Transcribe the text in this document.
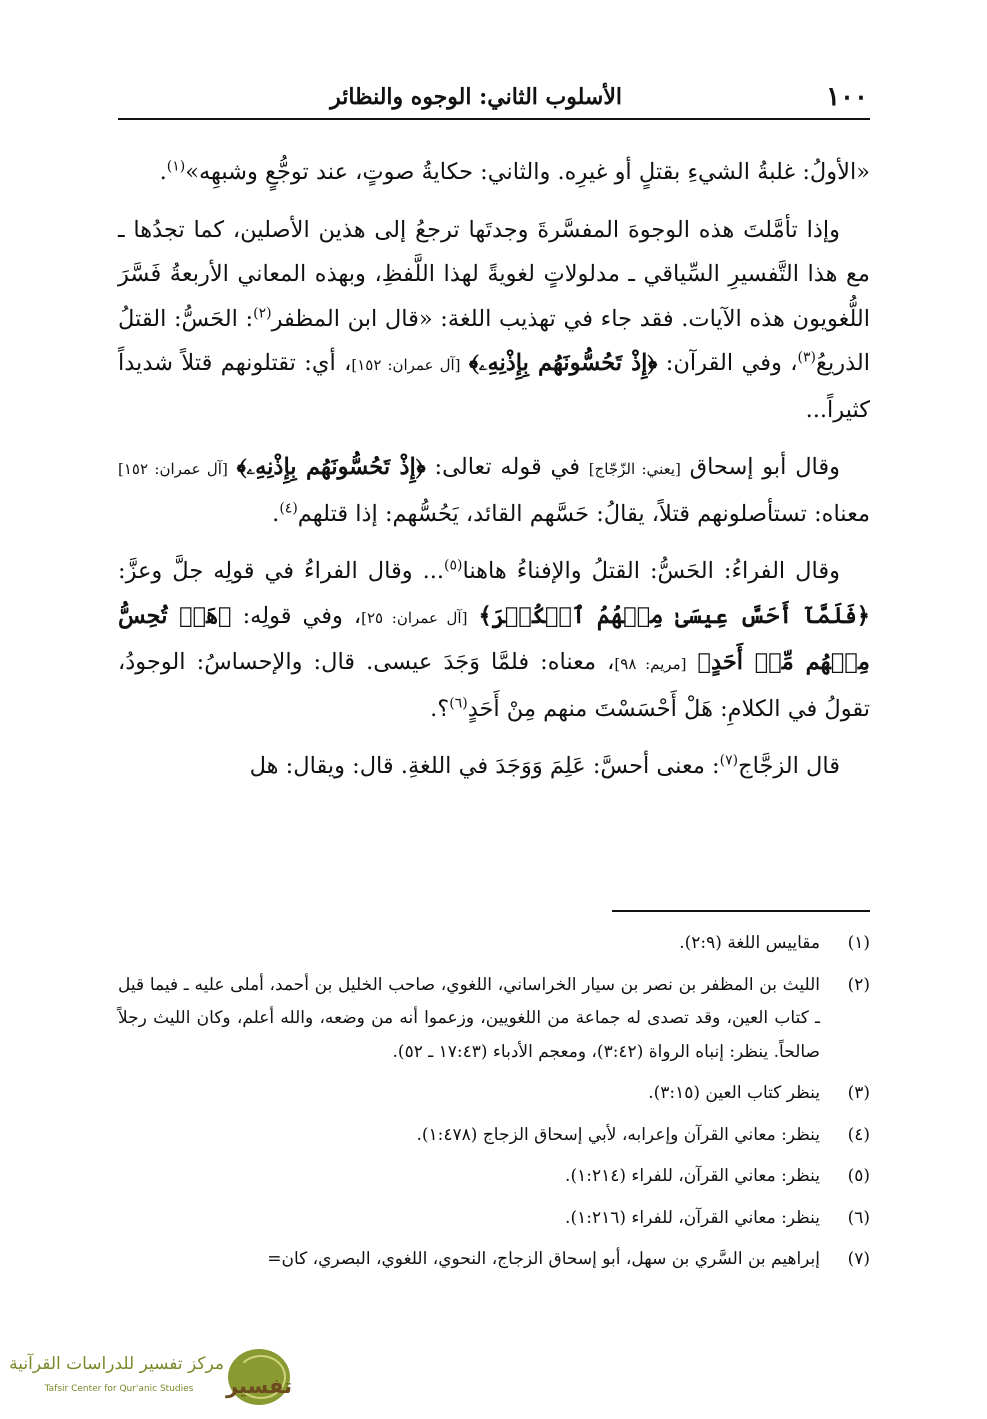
١٠٠
الأسلوب الثاني: الوجوه والنظائر

«الأولُ: غلبةُ الشيءِ بقتلٍ أو غيرِه. والثاني: حكايةُ صوتٍ، عند توجُّعٍ وشبهِه»$^{(١)}$.

وإذا تأمَّلتَ هذه الوجوهَ المفسَّرةَ وجدتَها ترجعُ إلى هذين الأصلين، كما تجدُها ـ مع هذا التَّفسيرِ السِّياقي ـ مدلولاتٍ لغويةً لهذا اللَّفظِ، وبهذه المعاني الأربعةُ فَسَّرَ اللُّغويون هذه الآيات. فقد جاء في تهذيب اللغة: «قال ابن المظفر$^{(٢)}$: الحَسُّ: القتلُ الذريعُ$^{(٣)}$، وفي القرآن: ﴿إِذْ تَحُسُّونَهُم بِإِذْنِهِۦ﴾ [آل عمران: ١٥٢]، أي: تقتلونهم قتلاً شديداً كثيراً...

وقال أبو إسحاق [يعني: الزّجّاج] في قوله تعالى: ﴿إِذْ تَحُسُّونَهُم بِإِذْنِهِۦ﴾ [آل عمران: ١٥٢] معناه: تستأصلونهم قتلاً، يقالُ: حَسَّهم القائد، يَحُسُّهم: إذا قتلهم$^{(٤)}$.

وقال الفراءُ: الحَسُّ: القتلُ والإفناءُ هاهنا$^{(٥)}$... وقال الفراءُ في قولِه جلَّ وعزَّ: ﴿فَلَمَّآ أَحَسَّ عِيسَىٰ مِنۡهُمُ ٱلۡكُفۡرَ﴾ [آل عمران: ٢٥]، وفي قولِه: ﴿هَلۡ تُحِسُّ مِنۡهُم مِّنۡ أَحَدٍ﴾ [مريم: ٩٨]، معناه: فلمَّا وَجَدَ عيسى. قال: والإحساسُ: الوجودُ، تقولُ في الكلامِ: هَلْ أَحْسَسْتَ منهم مِنْ أَحَدٍ$^{(٦)}$؟.

قال الزجَّاج$^{(٧)}$: معنى أحسَّ: عَلِمَ وَوَجَدَ في اللغةِ. قال: ويقال: هل

(١)
مقاييس اللغة (٢:٩).
(٢)
الليث بن المظفر بن نصر بن سيار الخراساني، اللغوي، صاحب الخليل بن أحمد، أملى عليه ـ فيما قيل ـ كتاب العين، وقد تصدى له جماعة من اللغويين، وزعموا أنه من وضعه، والله أعلم، وكان الليث رجلاً صالحاً. ينظر: إنباه الرواة (٣:٤٢)، ومعجم الأدباء (١٧:٤٣ ـ ٥٢).
(٣)
ينظر كتاب العين (٣:١٥).
(٤)
ينظر: معاني القرآن وإعرابه، لأبي إسحاق الزجاج (١:٤٧٨).
(٥)
ينظر: معاني القرآن، للفراء (١:٢١٤).
(٦)
ينظر: معاني القرآن، للفراء (١:٢١٦).
(٧)
إبراهيم بن السَّري بن سهل، أبو إسحاق الزجاج، النحوي، اللغوي، البصري، كان=
تفسير
مركز تفسير للدراسات القرآنية
Tafsir Center for Qur'anic Studies
